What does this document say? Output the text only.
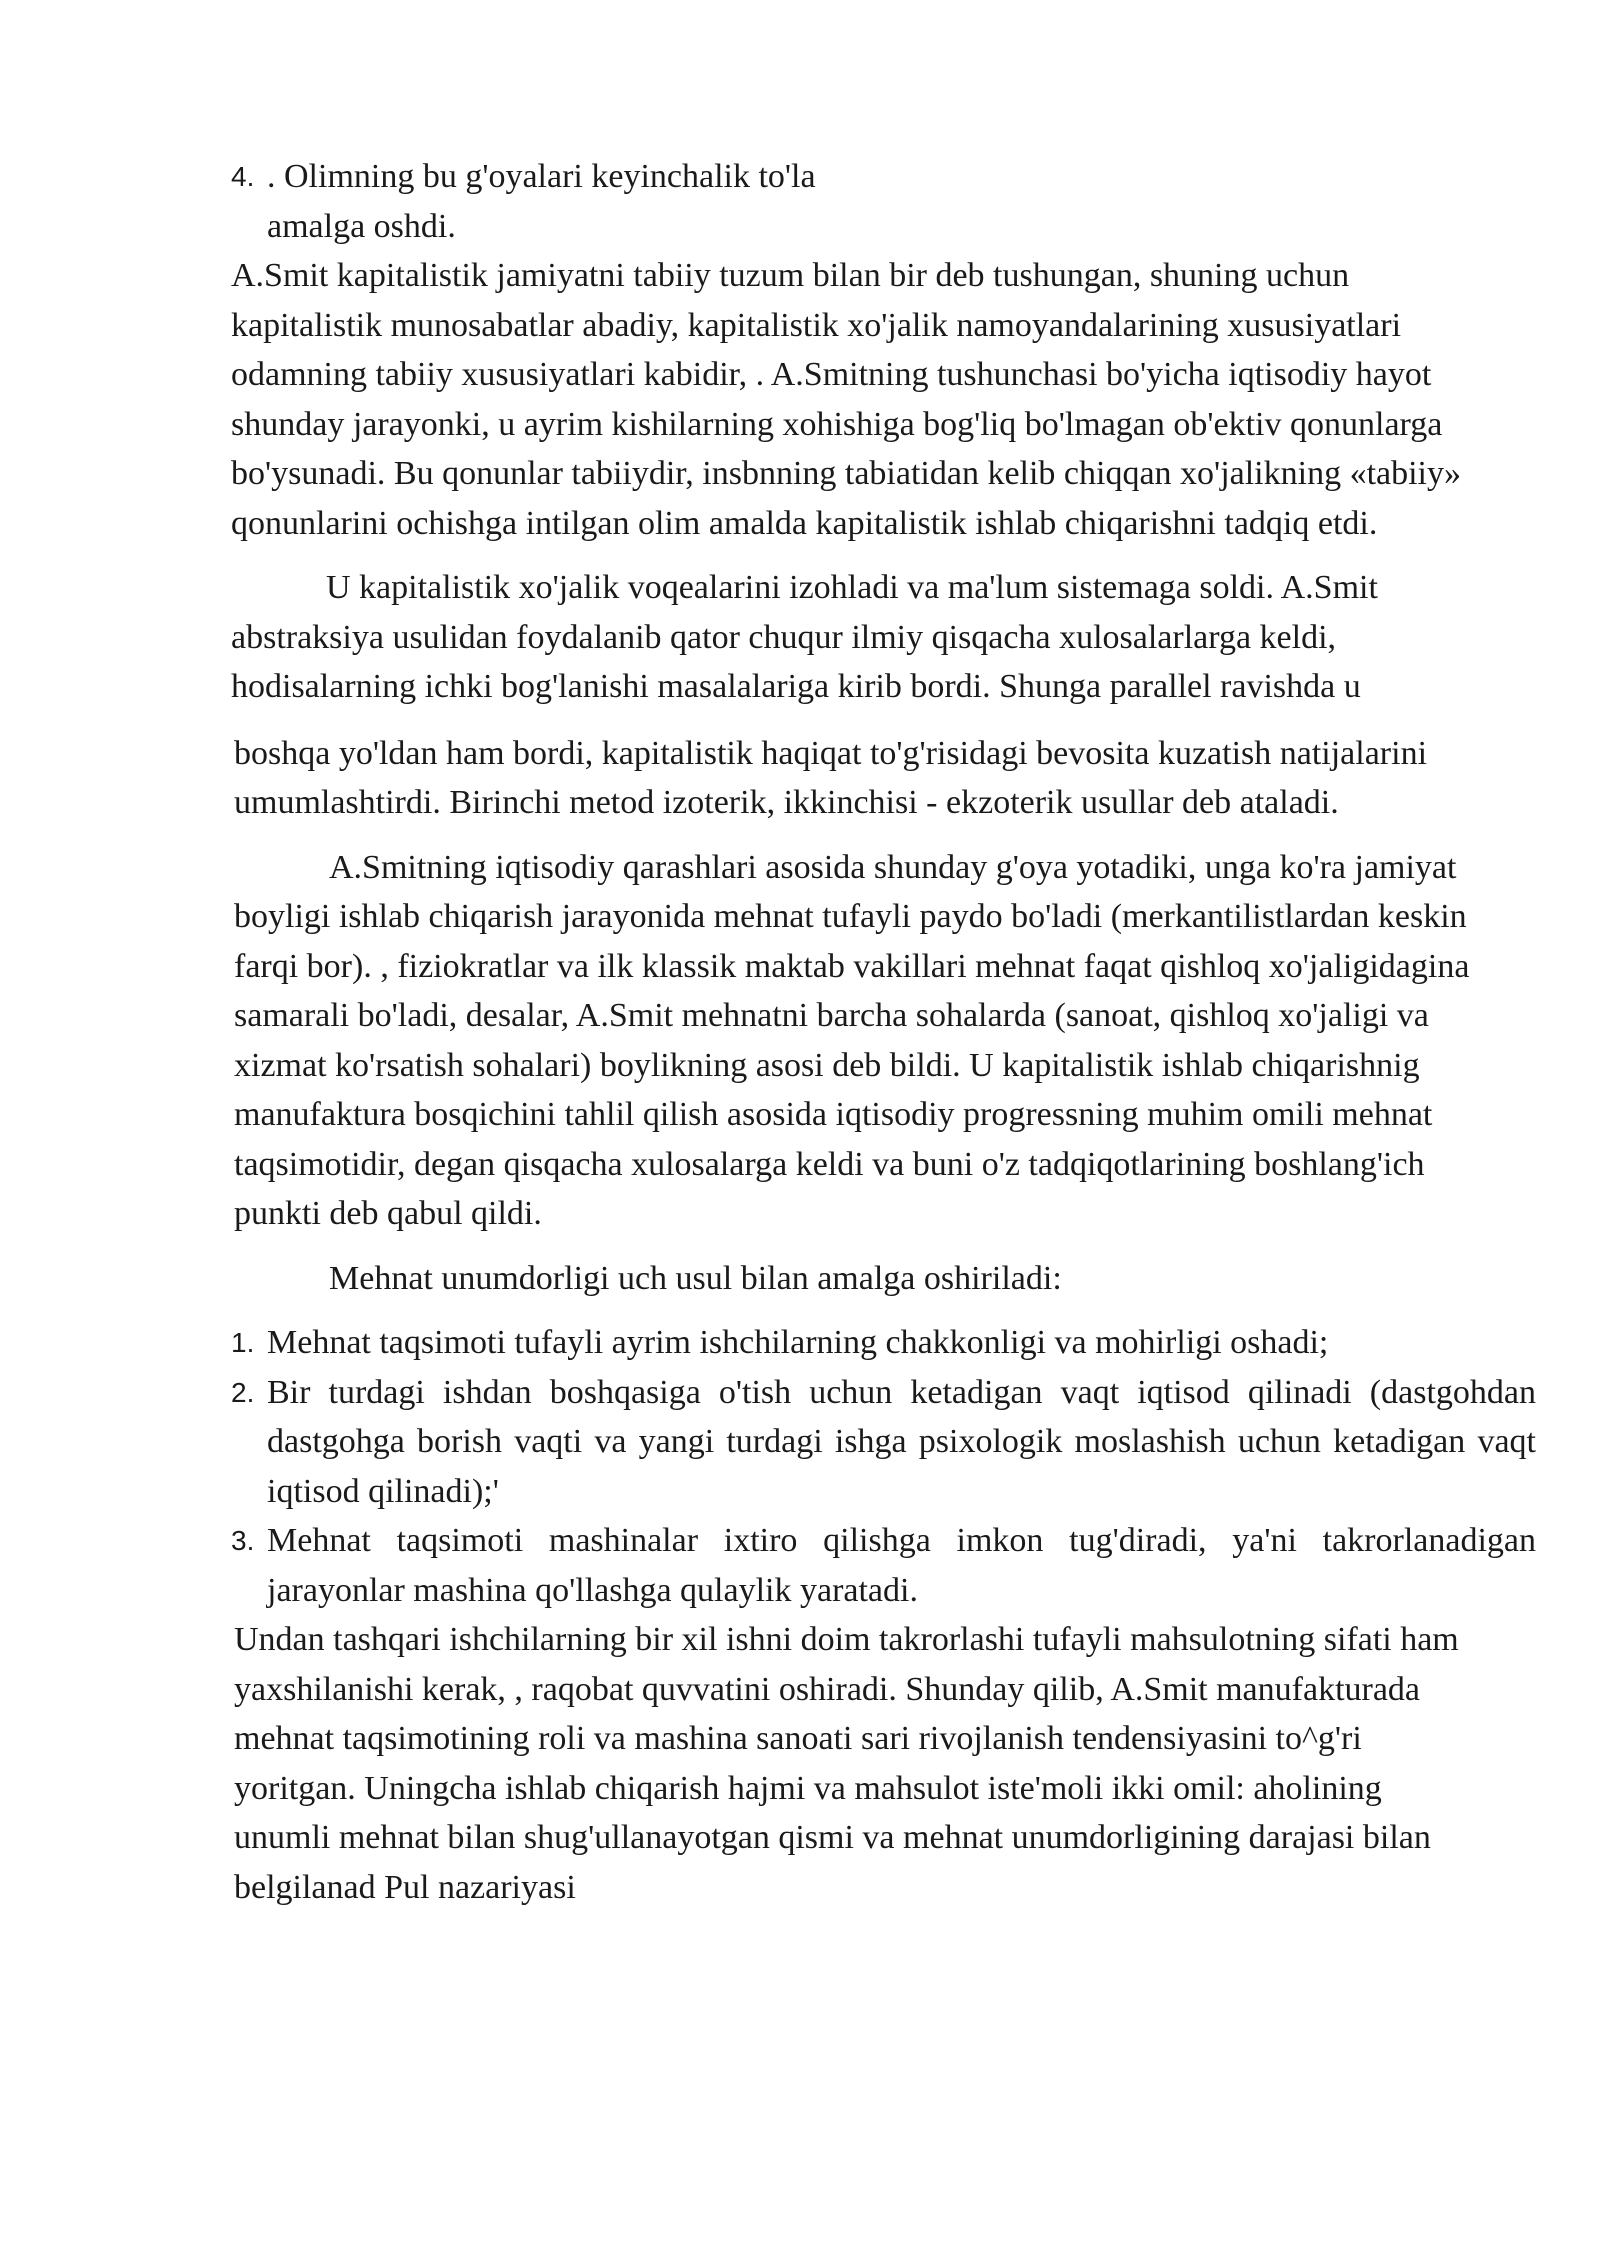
4. . Olimning bu g'oyalari keyinchalik to'la
amalga oshdi.

A.Smit kapitalistik jamiyatni tabiiy tuzum bilan bir deb tushungan, shuning uchun kapitalistik munosabatlar abadiy, kapitalistik xo'jalik namoyandalarining xususiyatlari odamning tabiiy xususiyatlari kabidir, . A.Smitning tushunchasi bo'yicha iqtisodiy hayot shunday jarayonki, u ayrim kishilarning xohishiga bog'liq bo'lmagan ob'ektiv qonunlarga bo'ysunadi. Bu qonunlar tabiiydir, insbnning tabiatidan kelib chiqqan xo'jalikning «tabiiy» qonunlarini ochishga intilgan olim amalda kapitalistik ishlab chiqarishni tadqiq etdi.

U kapitalistik xo'jalik voqealarini izohladi va ma'lum sistemaga soldi. A.Smit abstraksiya usulidan foydalanib qator chuqur ilmiy qisqacha xulosalarlarga keldi, hodisalarning ichki bog'lanishi masalalariga kirib bordi. Shunga parallel ravishda u

boshqa yo'ldan ham bordi, kapitalistik haqiqat to'g'risidagi bevosita kuzatish natijalarini umumlashtirdi. Birinchi metod izoterik, ikkinchisi - ekzoterik usullar deb ataladi.

A.Smitning iqtisodiy qarashlari asosida shunday g'oya yotadiki, unga ko'ra jamiyat boyligi ishlab chiqarish jarayonida mehnat tufayli paydo bo'ladi (merkantilistlardan keskin farqi bor). , fiziokratlar va ilk klassik maktab vakillari mehnat faqat qishloq xo'jaligidagina samarali bo'ladi, desalar, A.Smit mehnatni barcha sohalarda (sanoat, qishloq xo'jaligi va xizmat ko'rsatish sohalari) boylikning asosi deb bildi. U kapitalistik ishlab chiqarishnig manufaktura bosqichini tahlil qilish asosida iqtisodiy progressning muhim omili mehnat taqsimotidir, degan qisqacha xulosalarga keldi va buni o'z tadqiqotlarining boshlang'ich punkti deb qabul qildi.

Mehnat unumdorligi uch usul bilan amalga oshiriladi:

1. Mehnat taqsimoti tufayli ayrim ishchilarning chakkonligi va mohirligi oshadi;
2. Bir turdagi ishdan boshqasiga o'tish uchun ketadigan vaqt iqtisod qilinadi (dastgohdan dastgohga borish vaqti va yangi turdagi ishga psixologik moslashish uchun ketadigan vaqt iqtisod qilinadi);'
3. Mehnat taqsimoti mashinalar ixtiro qilishga imkon tug'diradi, ya'ni takrorlanadigan jarayonlar mashina qo'llashga qulaylik yaratadi.

Undan tashqari ishchilarning bir xil ishni doim takrorlashi tufayli mahsulotning sifati ham yaxshilanishi kerak, , raqobat quvvatini oshiradi. Shunday qilib, A.Smit manufakturada mehnat taqsimotining roli va mashina sanoati sari rivojlanish tendensiyasini to^g'ri yoritgan. Uningcha ishlab chiqarish hajmi va mahsulot iste'moli ikki omil: aholining unumli mehnat bilan shug'ullanayotgan qismi va mehnat unumdorligining darajasi bilan belgilanad Pul nazariyasi
